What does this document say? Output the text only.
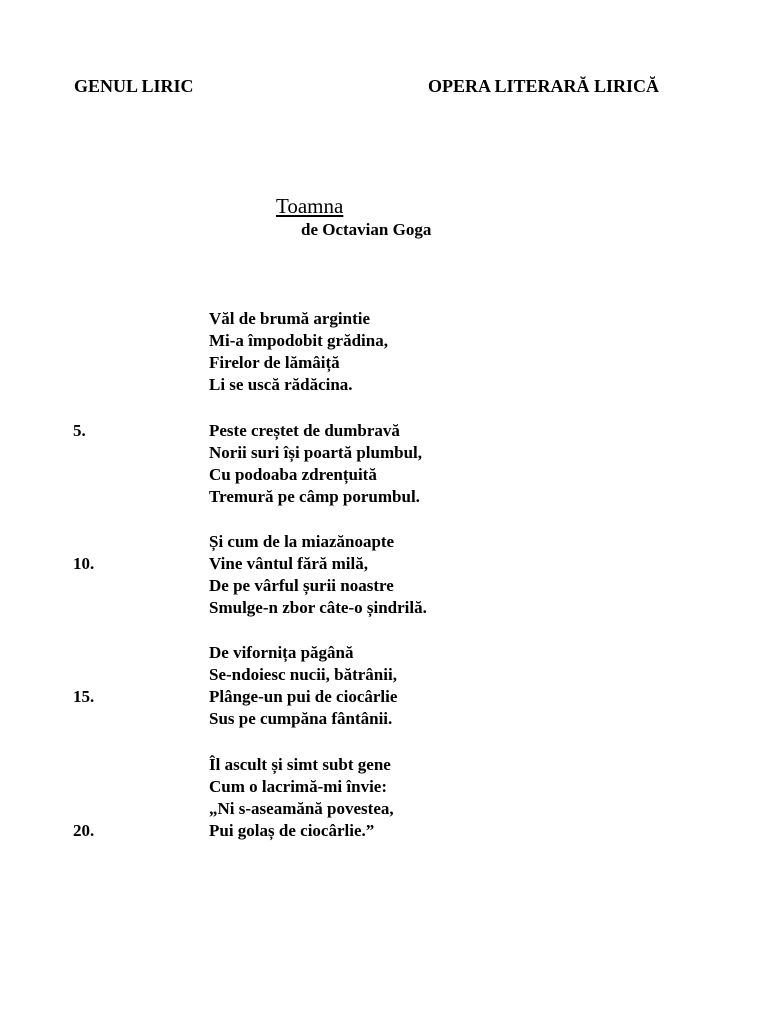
GENUL LIRIC	OPERA LITERARĂ LIRICĂ
Toamna
de Octavian Goga
Văl de brumă argintie
Mi-a împodobit grădina,
Firelor de lămâiță
Li se uscă rădăcina.
5.	Peste creștet de dumbravă
Norii suri își poartă plumbul,
Cu podoaba zdrențuită
Tremură pe câmp porumbul.
Și cum de la miazănoapte
10.	Vine vântul fără milă,
De pe vârful șurii noastre
Smulge-n zbor câte-o șindrilă.
De vifornița păgână
Se-ndoiesc nucii, bătrânii,
15.	Plânge-un pui de ciocârlie
Sus pe cumpăna fântânii.
Îl ascult și simt subt gene
Cum o lacrimă-mi învie:
„Ni s-aseamănă povestea,
20.	Pui golaș de ciocârlie.”
